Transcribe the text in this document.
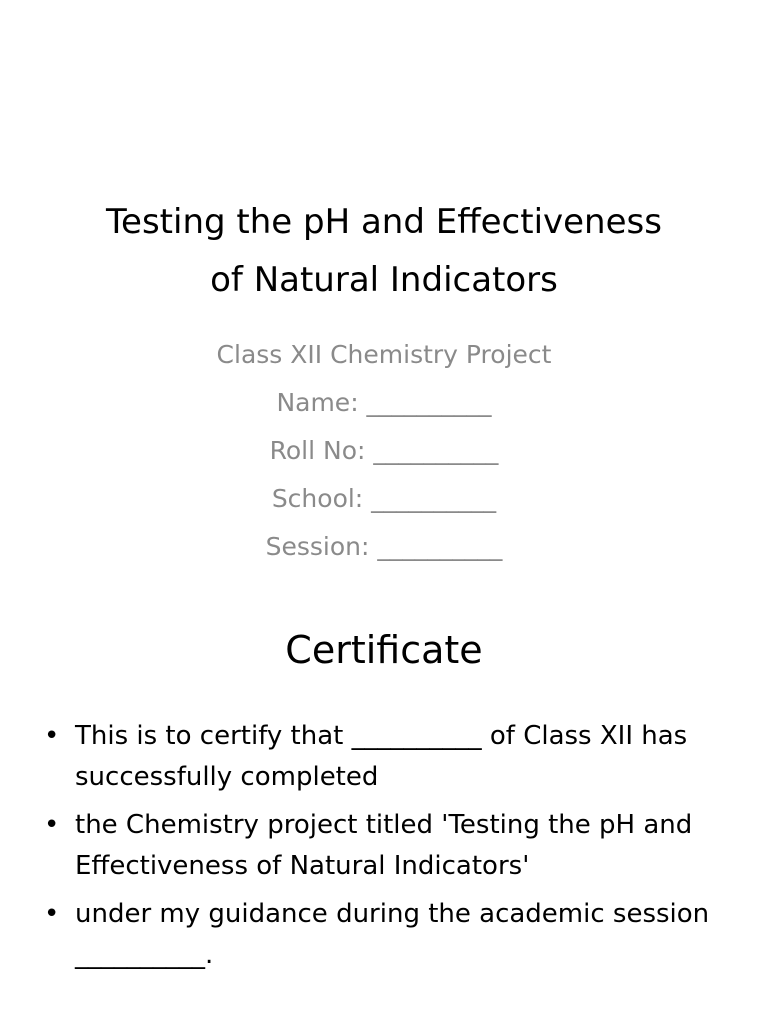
Testing the pH and Effectiveness
of Natural Indicators
Class XII Chemistry Project
Name: __________
Roll No: __________
School: __________
Session: __________
Certificate
• This is to certify that __________ of Class XII has successfully completed
• the Chemistry project titled 'Testing the pH and Effectiveness of Natural Indicators'
• under my guidance during the academic session __________.
